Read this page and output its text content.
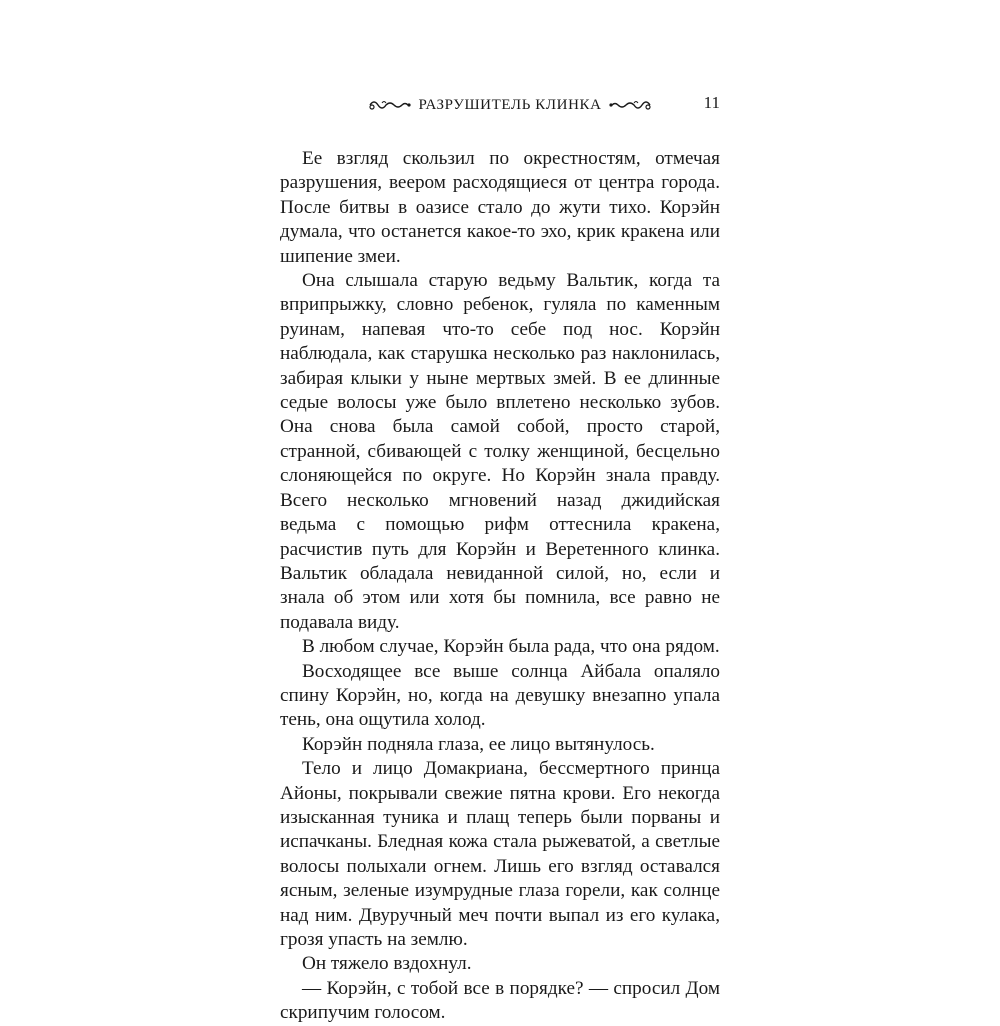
РАЗРУШИТЕЛЬ КЛИНКА	11

Ее взгляд скользил по окрестностям, отмечая разрушения, веером расходящиеся от центра города. После битвы в оазисе стало до жути тихо. Корэйн думала, что останется какое-то эхо, крик кракена или шипение змеи.

Она слышала старую ведьму Вальтик, когда та вприпрыжку, словно ребенок, гуляла по каменным руинам, напевая что-то себе под нос. Корэйн наблюдала, как старушка несколько раз наклонилась, забирая клыки у ныне мертвых змей. В ее длинные седые волосы уже было вплетено несколько зубов. Она снова была самой собой, просто старой, странной, сбивающей с толку женщиной, бесцельно слоняющейся по округе. Но Корэйн знала правду. Всего несколько мгновений назад джидийская ведьма с помощью рифм оттеснила кракена, расчистив путь для Корэйн и Веретенного клинка. Вальтик обладала невиданной силой, но, если и знала об этом или хотя бы помнила, все равно не подавала виду.

В любом случае, Корэйн была рада, что она рядом.

Восходящее все выше солнца Айбала опаляло спину Корэйн, но, когда на девушку внезапно упала тень, она ощутила холод.

Корэйн подняла глаза, ее лицо вытянулось.

Тело и лицо Домакриана, бессмертного принца Айоны, покрывали свежие пятна крови. Его некогда изысканная туника и плащ теперь были порваны и испачканы. Бледная кожа стала рыжеватой, а светлые волосы полыхали огнем. Лишь его взгляд оставался ясным, зеленые изумрудные глаза горели, как солнце над ним. Двуручный меч почти выпал из его кулака, грозя упасть на землю.

Он тяжело вздохнул.

— Корэйн, с тобой все в порядке? — спросил Дом скрипучим голосом.
